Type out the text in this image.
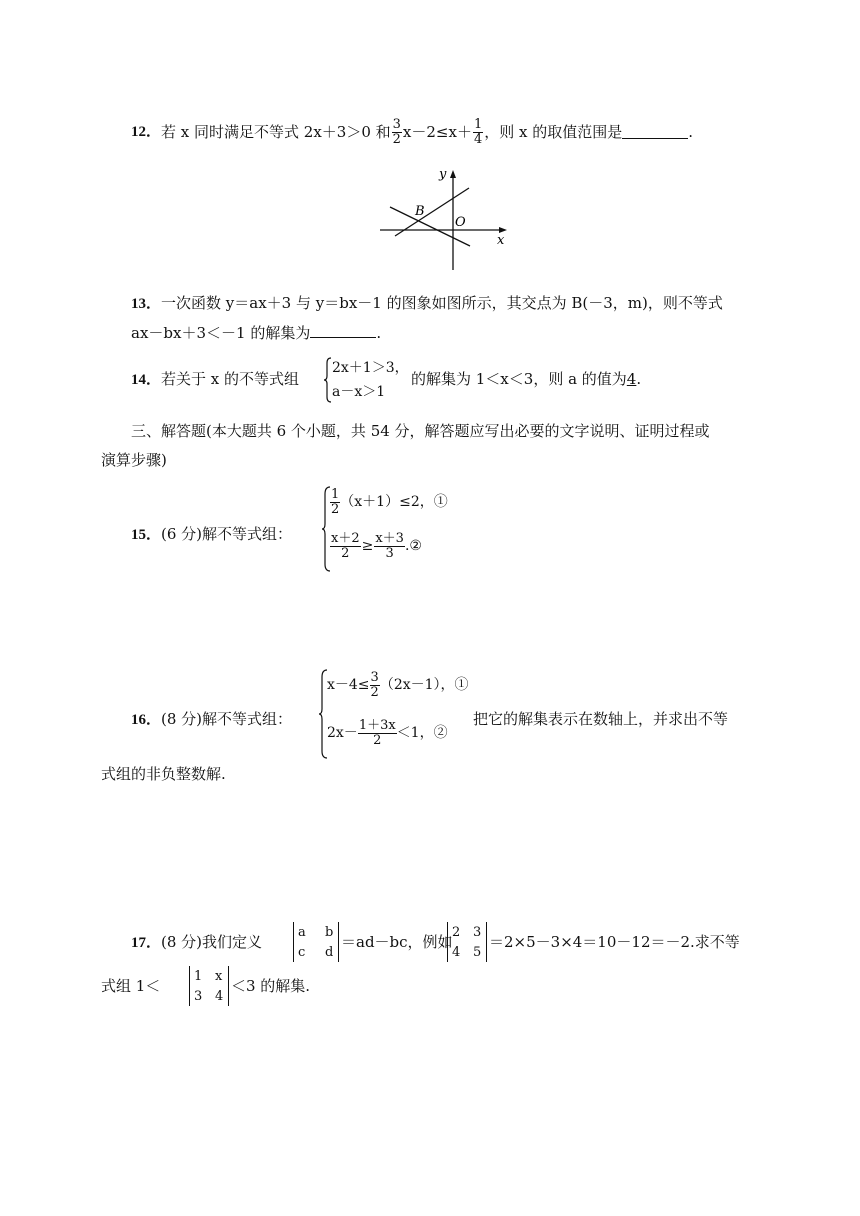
12． 若 x 同时满足不等式 2x＋3＞0 和 $\frac{3}{2} x-2\le x+ \frac{1}{4}$ ，则 x 的取值范围是	.
y
x
B
O
13．一次函数 y＝ax＋3 与 y＝bx－1 的图象如图所示，其交点为 B(－3，m)，则不等式
ax－bx＋3＜－1 的解集为	.
14．若关于 x 的不等式组
2x＋1＞3，
a－x＞1
的解集为 1＜x＜3，则 a 的值为4.
三、解答题(本大题共 6 个小题，共 54 分，解答题应写出必要的文字说明、证明过程或
演算步骤)
15．(6 分)解不等式组：
$\frac{1}{2} (x+1)\le 2$，①
$\frac{x+2}{2} \ge \frac{x+3}{3}$ .②
16．(8 分)解不等式组：
$x-4\le \frac{3}{2} (2x-1)$，①
$2x- \frac{1+3x}{2} <1$，②
把它的解集表示在数轴上，并求出不等
式组的非负整数解.
17．(8 分)我们定义
a b
c d
＝ad－bc，例如
2 3
4 5
＝2×5－3×4＝10－12＝－2.求不等
式组 1＜
1 x
3 4
＜3 的解集.
